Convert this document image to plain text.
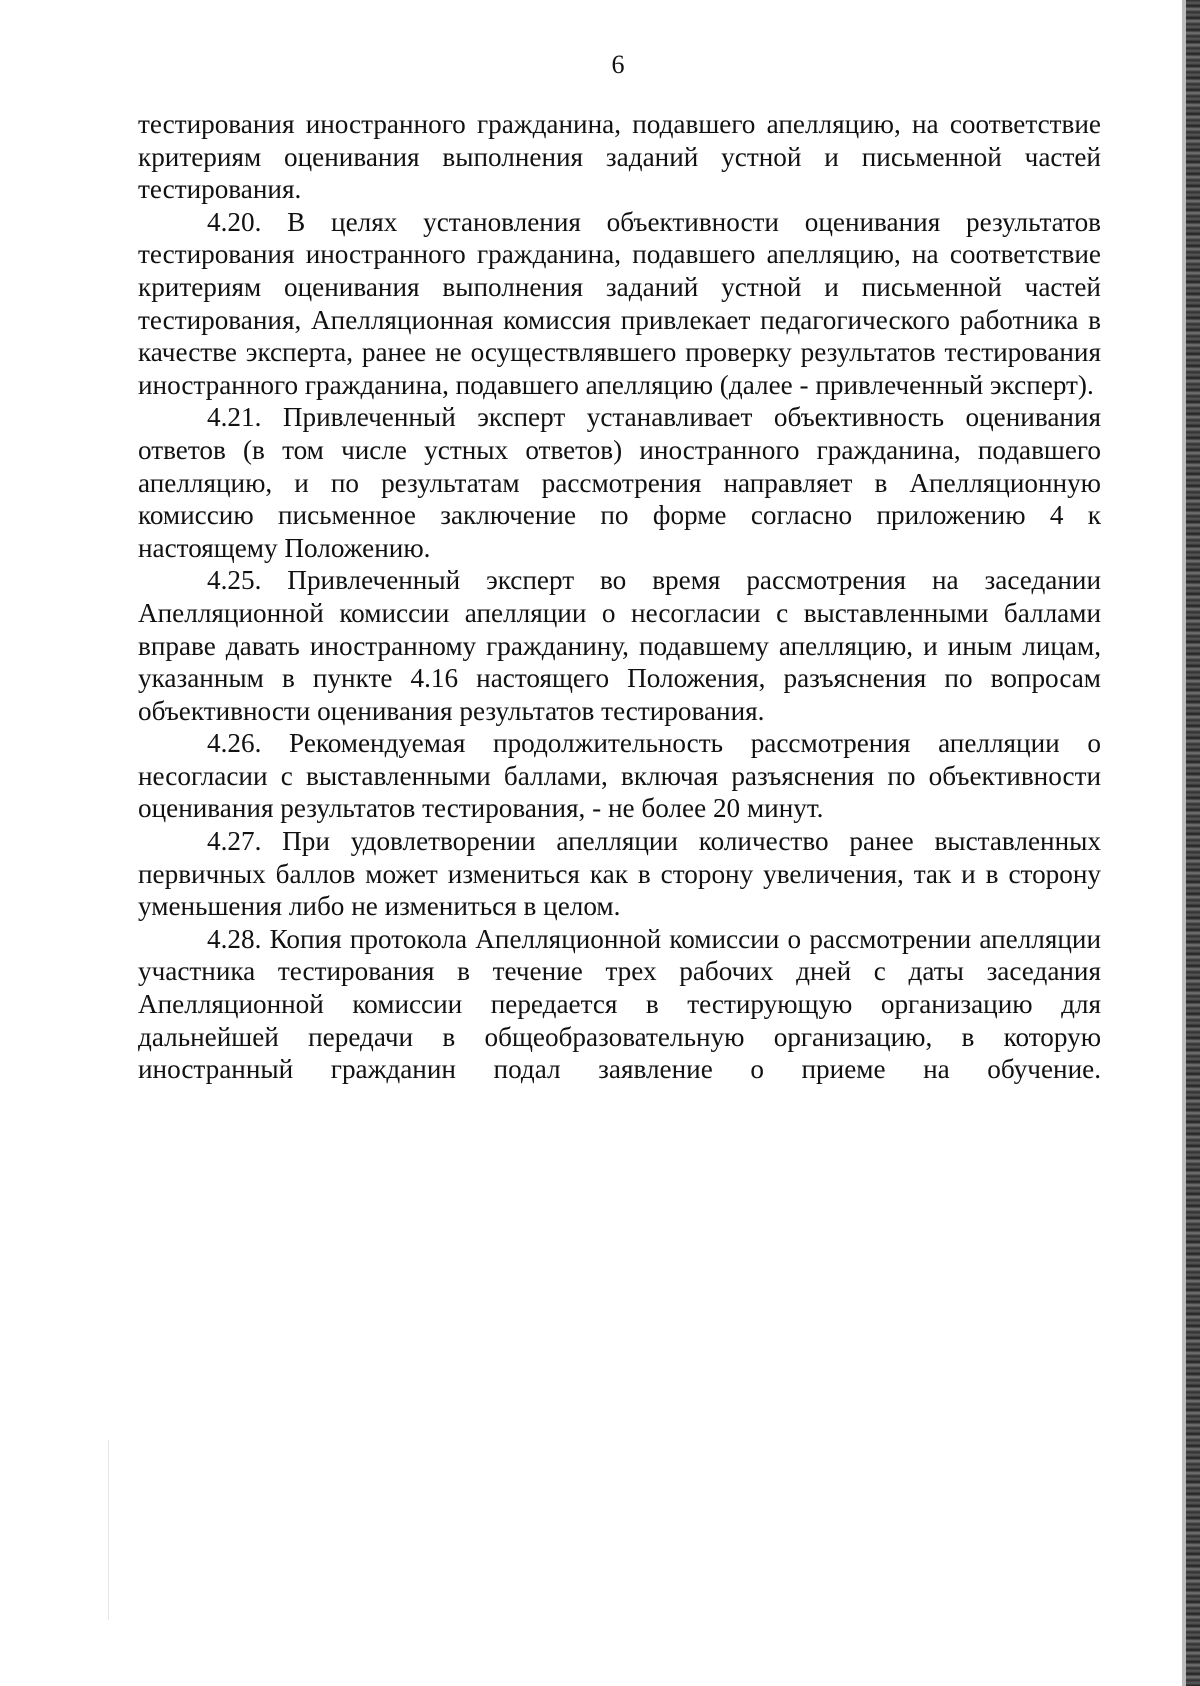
6

тестирования иностранного гражданина, подавшего апелляцию, на соответствие критериям оценивания выполнения заданий устной и письменной частей тестирования.

4.20. В целях установления объективности оценивания результатов тестирования иностранного гражданина, подавшего апелляцию, на соответствие критериям оценивания выполнения заданий устной и письменной частей тестирования, Апелляционная комиссия привлекает педагогического работника в качестве эксперта, ранее не осуществлявшего проверку результатов тестирования иностранного гражданина, подавшего апелляцию (далее - привлеченный эксперт).

4.21. Привлеченный эксперт устанавливает объективность оценивания ответов (в том числе устных ответов) иностранного гражданина, подавшего апелляцию, и по результатам рассмотрения направляет в Апелляционную комиссию письменное заключение по форме согласно приложению 4 к настоящему Положению.

4.25. Привлеченный эксперт во время рассмотрения на заседании Апелляционной комиссии апелляции о несогласии с выставленными баллами вправе давать иностранному гражданину, подавшему апелляцию, и иным лицам, указанным в пункте 4.16 настоящего Положения, разъяснения по вопросам объективности оценивания результатов тестирования.

4.26. Рекомендуемая продолжительность рассмотрения апелляции о несогласии с выставленными баллами, включая разъяснения по объективности оценивания результатов тестирования, - не более 20 минут.

4.27. При удовлетворении апелляции количество ранее выставленных первичных баллов может измениться как в сторону увеличения, так и в сторону уменьшения либо не измениться в целом.

4.28. Копия протокола Апелляционной комиссии о рассмотрении апелляции участника тестирования в течение трех рабочих дней с даты заседания Апелляционной комиссии передается в тестирующую организацию для дальнейшей передачи в общеобразовательную организацию, в которую иностранный гражданин подал заявление о приеме на обучение.
